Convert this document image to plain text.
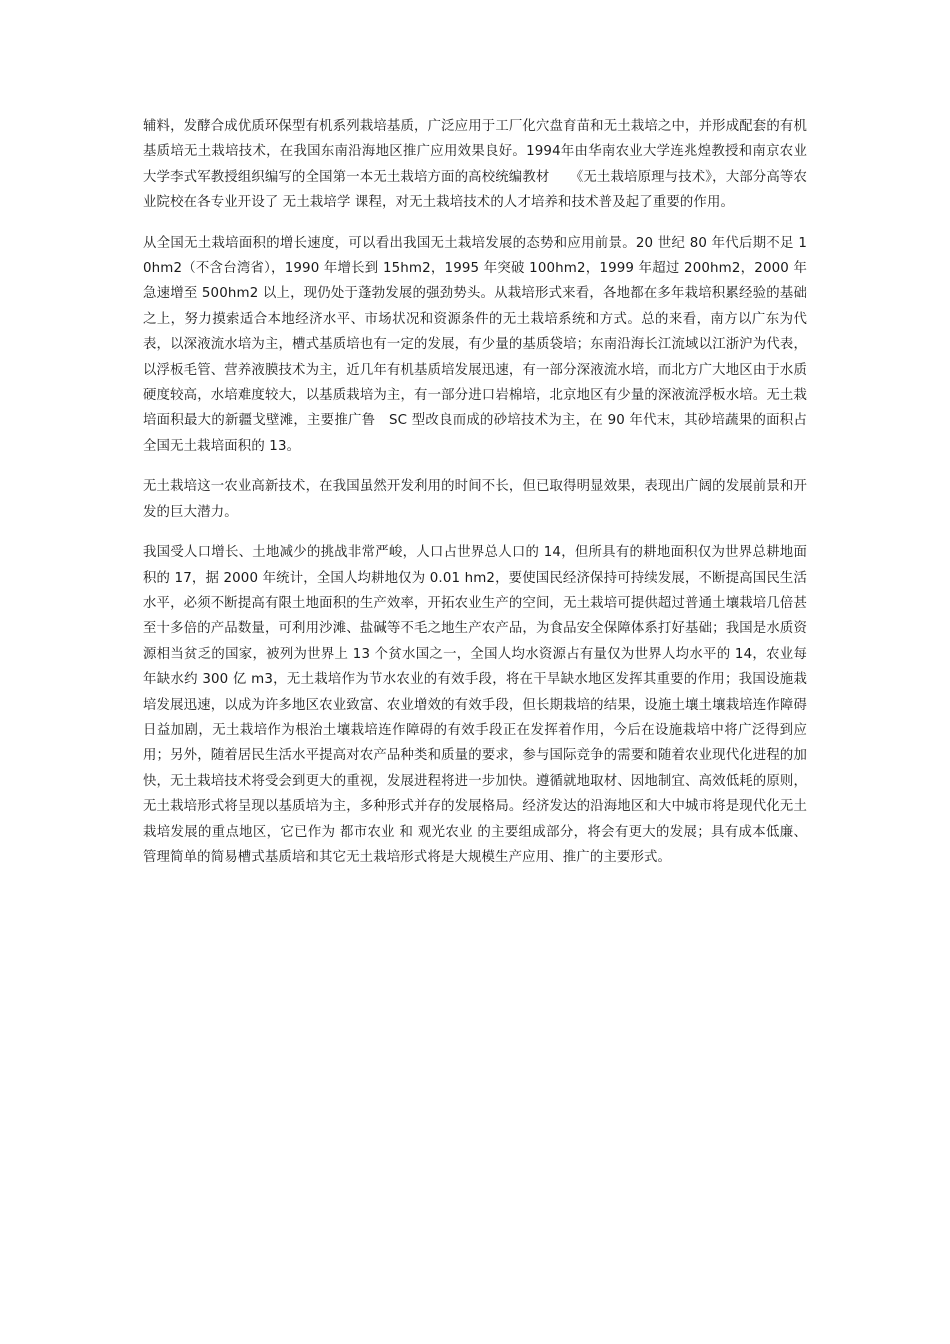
辅料，发酵合成优质环保型有机系列栽培基质，广泛应用于工厂化穴盘育苗和无土栽培之中，并形成配套的有机基质培无土栽培技术，在我国东南沿海地区推广应用效果良好。1994年由华南农业大学连兆煌教授和南京农业大学李式军教授组织编写的全国第一本无土栽培方面的高校统编教材　　《无土栽培原理与技术》，大部分高等农业院校在各专业开设了 无土栽培学 课程，对无土栽培技术的人才培养和技术普及起了重要的作用。

从全国无土栽培面积的增长速度，可以看出我国无土栽培发展的态势和应用前景。20 世纪 80 年代后期不足 10hm2（不含台湾省），1990 年增长到 15hm2，1995 年突破 100hm2，1999 年超过 200hm2，2000 年急速增至 500hm2 以上，现仍处于蓬勃发展的强劲势头。从栽培形式来看，各地都在多年栽培积累经验的基础之上，努力摸索适合本地经济水平、市场状况和资源条件的无土栽培系统和方式。总的来看，南方以广东为代表，以深液流水培为主，槽式基质培也有一定的发展，有少量的基质袋培；东南沿海长江流域以江浙沪为代表，以浮板毛管、营养液膜技术为主，近几年有机基质培发展迅速，有一部分深液流水培，而北方广大地区由于水质硬度较高，水培难度较大，以基质栽培为主，有一部分进口岩棉培，北京地区有少量的深液流浮板水培。无土栽培面积最大的新疆戈壁滩，主要推广鲁　SC 型改良而成的砂培技术为主，在 90 年代末，其砂培蔬果的面积占全国无土栽培面积的 13。

无土栽培这一农业高新技术，在我国虽然开发利用的时间不长，但已取得明显效果，表现出广阔的发展前景和开发的巨大潜力。

我国受人口增长、土地减少的挑战非常严峻，人口占世界总人口的 14，但所具有的耕地面积仅为世界总耕地面积的 17，据 2000 年统计，全国人均耕地仅为 0.01 hm2，要使国民经济保持可持续发展，不断提高国民生活水平，必须不断提高有限土地面积的生产效率，开拓农业生产的空间，无土栽培可提供超过普通土壤栽培几倍甚至十多倍的产品数量，可利用沙滩、盐碱等不毛之地生产农产品，为食品安全保障体系打好基础；我国是水质资源相当贫乏的国家，被列为世界上 13 个贫水国之一，全国人均水资源占有量仅为世界人均水平的 14，农业每年缺水约 300 亿 m3，无土栽培作为节水农业的有效手段，将在干旱缺水地区发挥其重要的作用；我国设施栽培发展迅速，以成为许多地区农业致富、农业增效的有效手段，但长期栽培的结果，设施土壤土壤栽培连作障碍日益加剧，无土栽培作为根治土壤栽培连作障碍的有效手段正在发挥着作用，今后在设施栽培中将广泛得到应用；另外，随着居民生活水平提高对农产品种类和质量的要求，参与国际竞争的需要和随着农业现代化进程的加快，无土栽培技术将受会到更大的重视，发展进程将进一步加快。遵循就地取材、因地制宜、高效低耗的原则，无土栽培形式将呈现以基质培为主，多种形式并存的发展格局。经济发达的沿海地区和大中城市将是现代化无土栽培发展的重点地区，它已作为 都市农业 和 观光农业 的主要组成部分，将会有更大的发展；具有成本低廉、管理简单的简易槽式基质培和其它无土栽培形式将是大规模生产应用、推广的主要形式。
